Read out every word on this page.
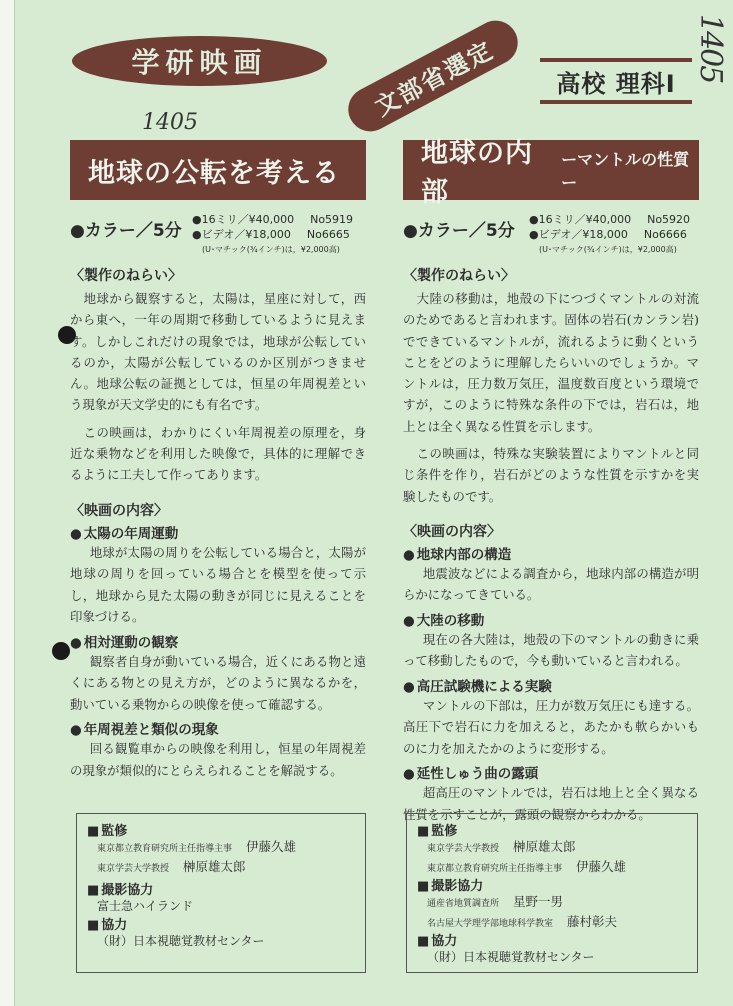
学研映画	文部省選定	高校 理科Ⅰ
1405
1405
地球の公転を考える
●カラー／5分
●16ミリ／¥40,000 No5919
●ビデオ／¥18,000 No6665
(U･マチック(¾インチ)は，¥2,000高)
〈製作のねらい〉

地球から観察すると，太陽は，星座に対して，西から東へ，一年の周期で移動しているように見えます。しかしこれだけの現象では，地球が公転しているのか，太陽が公転しているのか区別がつきません。地球公転の証拠としては，恒星の年周視差という現象が天文学史的にも有名です。

この映画は，わかりにくい年周視差の原理を，身近な乗物などを利用した映像で，具体的に理解できるように工夫して作ってあります。

〈映画の内容〉
● 太陽の年周運動

地球が太陽の周りを公転している場合と，太陽が地球の周りを回っている場合とを模型を使って示し，地球から見た太陽の動きが同じに見えることを印象づける。

● 相対運動の観察

観察者自身が動いている場合，近くにある物と遠くにある物との見え方が，どのように異なるかを，動いている乗物からの映像を使って確認する。

● 年周視差と類似の現象

回る観覧車からの映像を利用し，恒星の年周視差の現象が類似的にとらえられることを解説する。

■ 監修
東京都立教育研究所主任指導主事 伊藤久雄
東京学芸大学教授 榊原雄太郎
■ 撮影協力
富士急ハイランド
■ 協力
（財）日本視聴覚教材センター
地球の内部
ーマントルの性質ー
●カラー／5分
●16ミリ／¥40,000 No5920
●ビデオ／¥18,000 No6666
(U･マチック(¾インチ)は，¥2,000高)
〈製作のねらい〉

大陸の移動は，地殻の下につづくマントルの対流のためであると言われます。固体の岩石(カンラン岩)でできているマントルが，流れるように動くということをどのように理解したらいいのでしょうか。マントルは，圧力数万気圧，温度数百度という環境ですが，このように特殊な条件の下では，岩石は，地上とは全く異なる性質を示します。

この映画は，特殊な実験装置によりマントルと同じ条件を作り，岩石がどのような性質を示すかを実験したものです。

〈映画の内容〉
● 地球内部の構造

地震波などによる調査から，地球内部の構造が明らかになってきている。

● 大陸の移動

現在の各大陸は，地殻の下のマントルの動きに乗って移動したもので，今も動いていると言われる。

● 高圧試験機による実験

マントルの下部は，圧力が数万気圧にも達する。高圧下で岩石に力を加えると，あたかも軟らかいものに力を加えたかのように変形する。

● 延性しゅう曲の露頭

超高圧のマントルでは，岩石は地上と全く異なる性質を示すことが，露頭の観察からわかる。

■ 監修
東京学芸大学教授 榊原雄太郎
東京都立教育研究所主任指導主事 伊藤久雄
■ 撮影協力
通産省地質調査所 星野一男
名古屋大学理学部地球科学教室 藤村彰夫
■ 協力
（財）日本視聴覚教材センター
